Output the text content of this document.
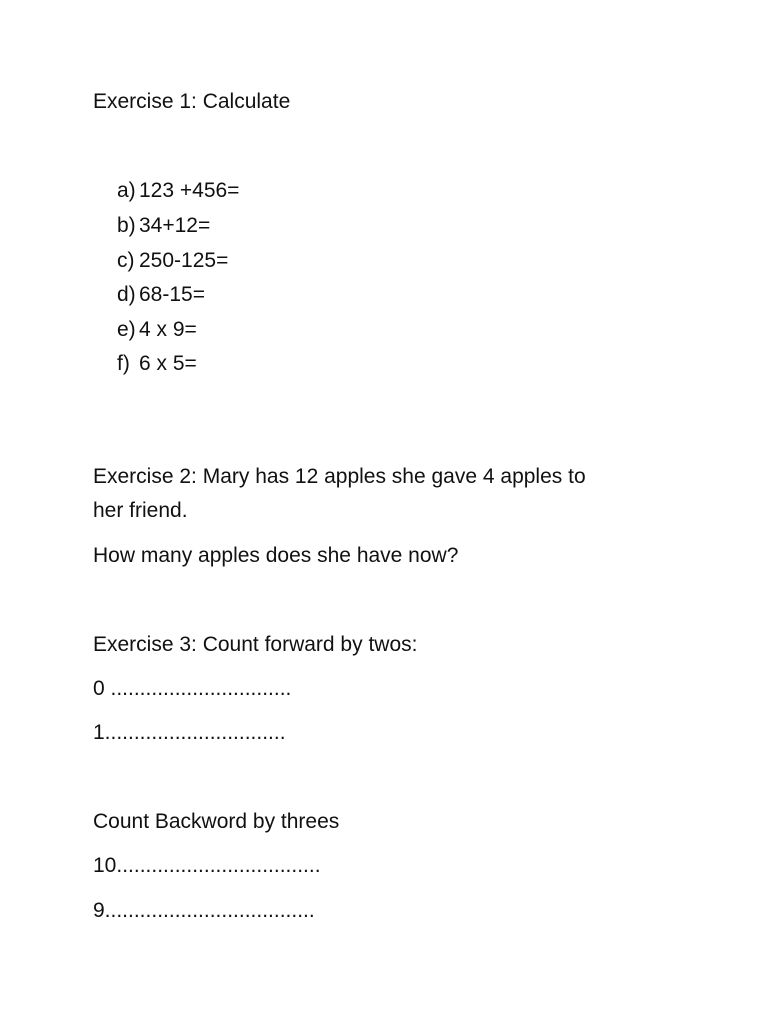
Exercise 1: Calculate
a) 123 +456=
b) 34+12=
c) 250-125=
d) 68-15=
e) 4 x 9=
f) 6 x 5=
Exercise 2: Mary has 12 apples she gave 4 apples to
her friend.
How many apples does she have now?
Exercise 3: Count forward by twos:
0 ...............................
1...............................
Count Backword by threes
10...................................
9....................................
